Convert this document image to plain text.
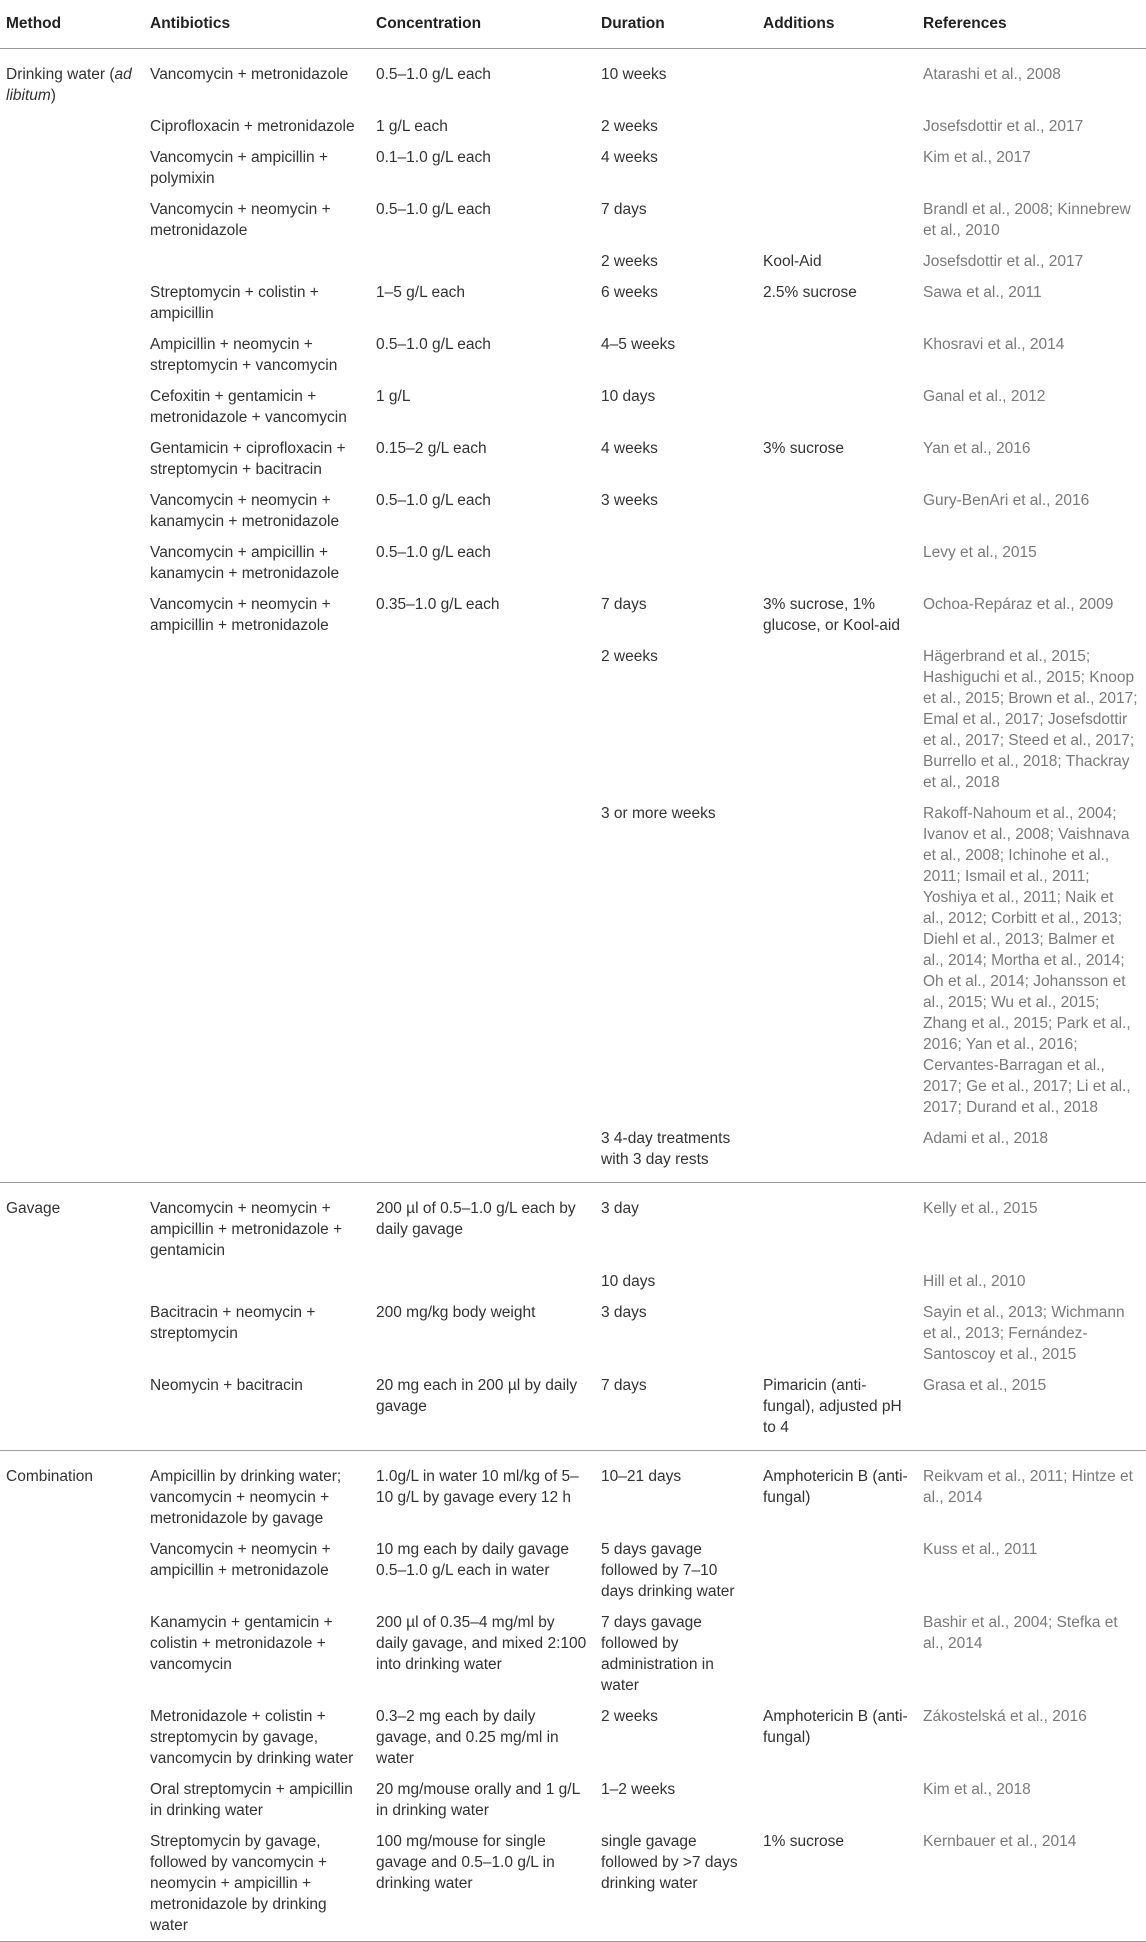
Method	Antibiotics	Concentration	Duration	Additions	References
Drinking water (ad libitum)	Vancomycin + metronidazole	0.5–1.0 g/L each	10 weeks		Atarashi et al., 2008
	Ciprofloxacin + metronidazole	1 g/L each	2 weeks		Josefsdottir et al., 2017
	Vancomycin + ampicillin + polymixin	0.1–1.0 g/L each	4 weeks		Kim et al., 2017
	Vancomycin + neomycin + metronidazole	0.5–1.0 g/L each	7 days		Brandl et al., 2008; Kinnebrew et al., 2010
			2 weeks	Kool-Aid	Josefsdottir et al., 2017
	Streptomycin + colistin + ampicillin	1–5 g/L each	6 weeks	2.5% sucrose	Sawa et al., 2011
	Ampicillin + neomycin + streptomycin + vancomycin	0.5–1.0 g/L each	4–5 weeks		Khosravi et al., 2014
	Cefoxitin + gentamicin + metronidazole + vancomycin	1 g/L	10 days		Ganal et al., 2012
	Gentamicin + ciprofloxacin + streptomycin + bacitracin	0.15–2 g/L each	4 weeks	3% sucrose	Yan et al., 2016
	Vancomycin + neomycin + kanamycin + metronidazole	0.5–1.0 g/L each	3 weeks		Gury-BenAri et al., 2016
	Vancomycin + ampicillin + kanamycin + metronidazole	0.5–1.0 g/L each			Levy et al., 2015
	Vancomycin + neomycin + ampicillin + metronidazole	0.35–1.0 g/L each	7 days	3% sucrose, 1% glucose, or Kool-aid	Ochoa-Repáraz et al., 2009
			2 weeks		Hägerbrand et al., 2015; Hashiguchi et al., 2015; Knoop et al., 2015; Brown et al., 2017; Emal et al., 2017; Josefsdottir et al., 2017; Steed et al., 2017; Burrello et al., 2018; Thackray et al., 2018
			3 or more weeks		Rakoff-Nahoum et al., 2004; Ivanov et al., 2008; Vaishnava et al., 2008; Ichinohe et al., 2011; Ismail et al., 2011; Yoshiya et al., 2011; Naik et al., 2012; Corbitt et al., 2013; Diehl et al., 2013; Balmer et al., 2014; Mortha et al., 2014; Oh et al., 2014; Johansson et al., 2015; Wu et al., 2015; Zhang et al., 2015; Park et al., 2016; Yan et al., 2016; Cervantes-Barragan et al., 2017; Ge et al., 2017; Li et al., 2017; Durand et al., 2018
			3 4-day treatments with 3 day rests		Adami et al., 2018
Gavage	Vancomycin + neomycin + ampicillin + metronidazole + gentamicin	200 µl of 0.5–1.0 g/L each by daily gavage	3 day		Kelly et al., 2015
			10 days		Hill et al., 2010
	Bacitracin + neomycin + streptomycin	200 mg/kg body weight	3 days		Sayin et al., 2013; Wichmann et al., 2013; Fernández-Santoscoy et al., 2015
	Neomycin + bacitracin	20 mg each in 200 µl by daily gavage	7 days	Pimaricin (anti-fungal), adjusted pH to 4	Grasa et al., 2015
Combination	Ampicillin by drinking water; vancomycin + neomycin + metronidazole by gavage	1.0g/L in water 10 ml/kg of 5–10 g/L by gavage every 12 h	10–21 days	Amphotericin B (anti-fungal)	Reikvam et al., 2011; Hintze et al., 2014
	Vancomycin + neomycin + ampicillin + metronidazole	10 mg each by daily gavage 0.5–1.0 g/L each in water	5 days gavage followed by 7–10 days drinking water		Kuss et al., 2011
	Kanamycin + gentamicin + colistin + metronidazole + vancomycin	200 µl of 0.35–4 mg/ml by daily gavage, and mixed 2:100 into drinking water	7 days gavage followed by administration in water		Bashir et al., 2004; Stefka et al., 2014
	Metronidazole + colistin + streptomycin by gavage, vancomycin by drinking water	0.3–2 mg each by daily gavage, and 0.25 mg/ml in water	2 weeks	Amphotericin B (anti-fungal)	Zákostelská et al., 2016
	Oral streptomycin + ampicillin in drinking water	20 mg/mouse orally and 1 g/L in drinking water	1–2 weeks		Kim et al., 2018
	Streptomycin by gavage, followed by vancomycin + neomycin + ampicillin + metronidazole by drinking water	100 mg/mouse for single gavage and 0.5–1.0 g/L in drinking water	single gavage followed by >7 days drinking water	1% sucrose	Kernbauer et al., 2014
